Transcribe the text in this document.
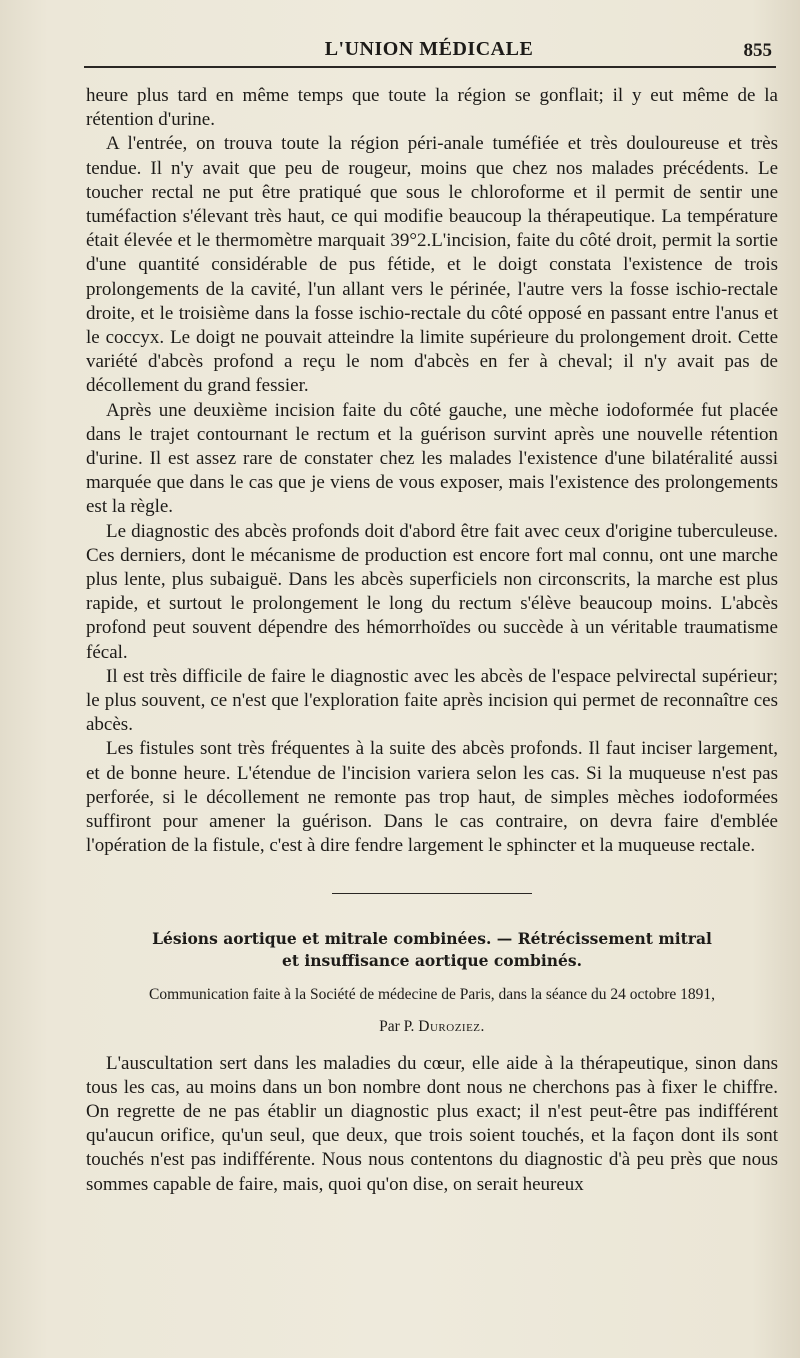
L'UNION MÉDICALE	855

heure plus tard en même temps que toute la région se gonflait; il y eut même de la rétention d'urine.

A l'entrée, on trouva toute la région péri-anale tuméfiée et très douloureuse et très tendue. Il n'y avait que peu de rougeur, moins que chez nos malades précédents. Le toucher rectal ne put être pratiqué que sous le chloroforme et il permit de sentir une tuméfaction s'élevant très haut, ce qui modifie beaucoup la thérapeutique. La température était élevée et le thermomètre marquait 39°2.L'incision, faite du côté droit, permit la sortie d'une quantité considérable de pus fétide, et le doigt constata l'existence de trois prolongements de la cavité, l'un allant vers le périnée, l'autre vers la fosse ischio-rectale droite, et le troisième dans la fosse ischio-rectale du côté opposé en passant entre l'anus et le coccyx. Le doigt ne pouvait atteindre la limite supérieure du prolongement droit. Cette variété d'abcès profond a reçu le nom d'abcès en fer à cheval; il n'y avait pas de décollement du grand fessier.

Après une deuxième incision faite du côté gauche, une mèche iodoformée fut placée dans le trajet contournant le rectum et la guérison survint après une nouvelle rétention d'urine. Il est assez rare de constater chez les malades l'existence d'une bilatéralité aussi marquée que dans le cas que je viens de vous exposer, mais l'existence des prolongements est la règle.

Le diagnostic des abcès profonds doit d'abord être fait avec ceux d'origine tuberculeuse. Ces derniers, dont le mécanisme de production est encore fort mal connu, ont une marche plus lente, plus subaiguë. Dans les abcès superficiels non circonscrits, la marche est plus rapide, et surtout le prolongement le long du rectum s'élève beaucoup moins. L'abcès profond peut souvent dépendre des hémorrhoïdes ou succède à un véritable traumatisme fécal.

Il est très difficile de faire le diagnostic avec les abcès de l'espace pelvirectal supérieur; le plus souvent, ce n'est que l'exploration faite après incision qui permet de reconnaître ces abcès.

Les fistules sont très fréquentes à la suite des abcès profonds. Il faut inciser largement, et de bonne heure. L'étendue de l'incision variera selon les cas. Si la muqueuse n'est pas perforée, si le décollement ne remonte pas trop haut, de simples mèches iodoformées suffiront pour amener la guérison. Dans le cas contraire, on devra faire d'emblée l'opération de la fistule, c'est à dire fendre largement le sphincter et la muqueuse rectale.

Lésions aortique et mitrale combinées. — Rétrécissement mitral

et insuffisance aortique combinés.

Communication faite à la Société de médecine de Paris, dans la séance du 24 octobre 1891,

Par P. Duroziez.

L'auscultation sert dans les maladies du cœur, elle aide à la thérapeutique, sinon dans tous les cas, au moins dans un bon nombre dont nous ne cherchons pas à fixer le chiffre. On regrette de ne pas établir un diagnostic plus exact; il n'est peut-être pas indifférent qu'aucun orifice, qu'un seul, que deux, que trois soient touchés, et la façon dont ils sont touchés n'est pas indifférente. Nous nous contentons du diagnostic d'à peu près que nous sommes capable de faire, mais, quoi qu'on dise, on serait heureux
